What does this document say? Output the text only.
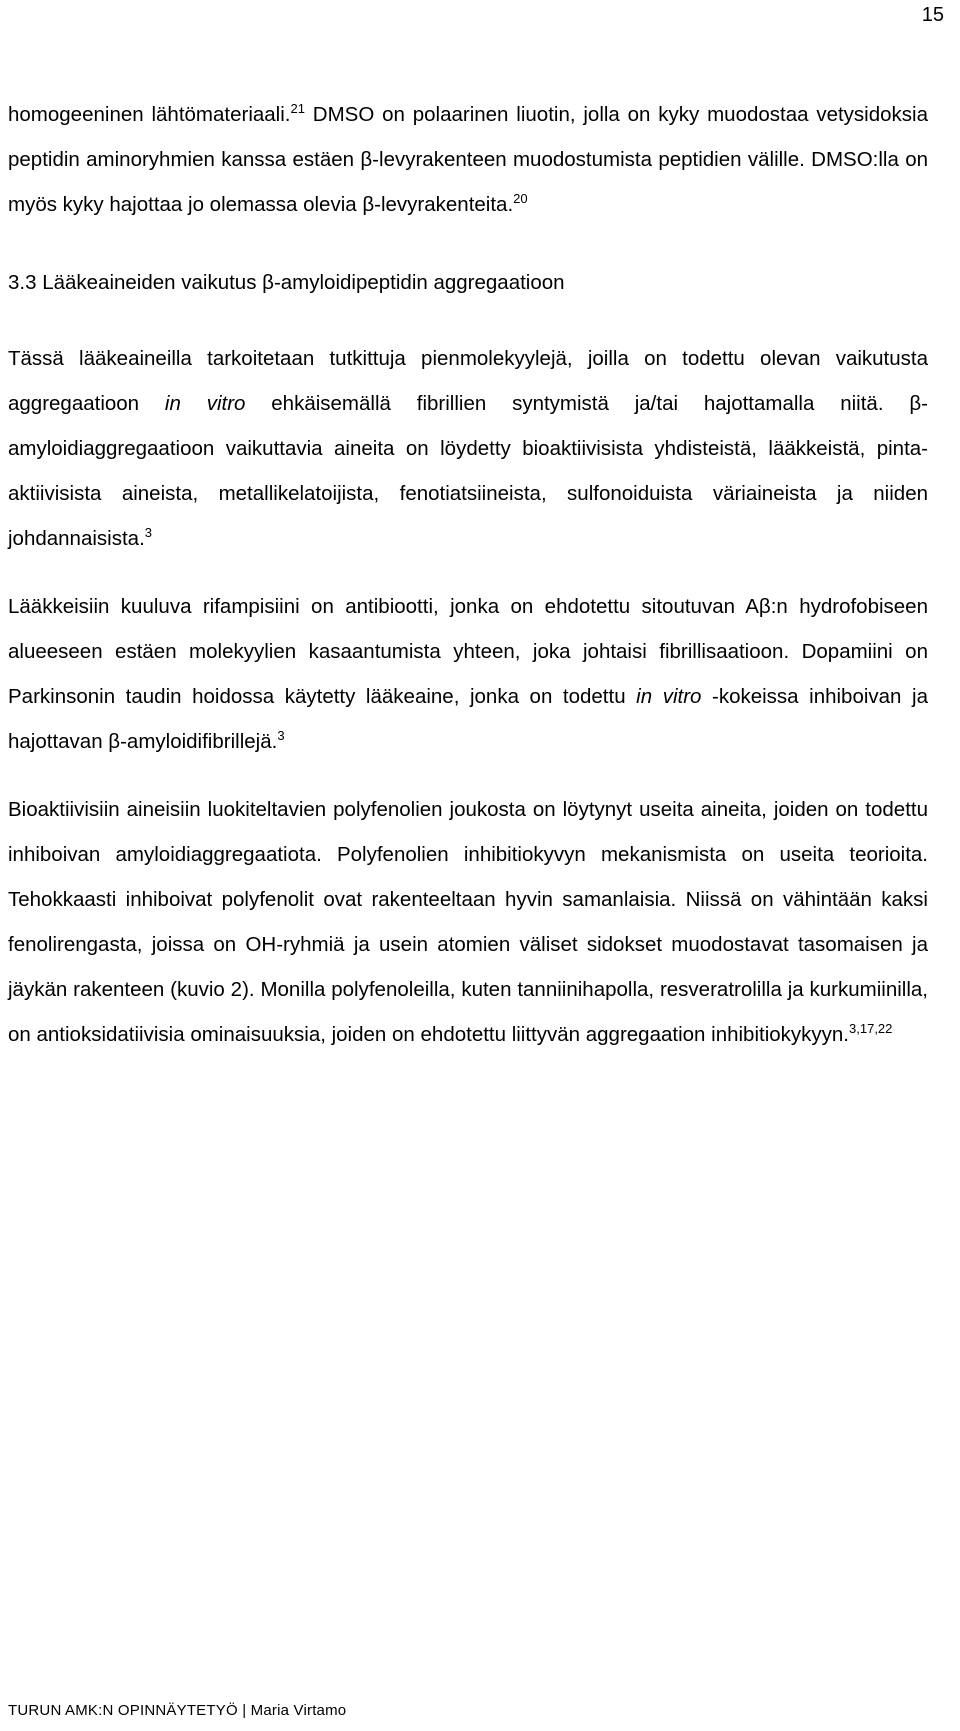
15

homogeeninen lähtömateriaali.$^{21}$ DMSO on polaarinen liuotin, jolla on kyky muodostaa vetysidoksia peptidin aminoryhmien kanssa estäen β-levyrakenteen muodostumista peptidien välille. DMSO:lla on myös kyky hajottaa jo olemassa olevia β-levyrakenteita.$^{20}$

3.3 Lääkeaineiden vaikutus β-amyloidipeptidin aggregaatioon

Tässä lääkeaineilla tarkoitetaan tutkittuja pienmolekyylejä, joilla on todettu olevan vaikutusta aggregaatioon in vitro ehkäisemällä fibrillien syntymistä ja/tai hajottamalla niitä. β-amyloidiaggregaatioon vaikuttavia aineita on löydetty bioaktiivisista yhdisteistä, lääkkeistä, pinta-aktiivisista aineista, metallikelatoijista, fenotiatsiineista, sulfonoiduista väriaineista ja niiden johdannaisista.$^3$

Lääkkeisiin kuuluva rifampisiini on antibiootti, jonka on ehdotettu sitoutuvan Aβ:n hydrofobiseen alueeseen estäen molekyylien kasaantumista yhteen, joka johtaisi fibrillisaatioon. Dopamiini on Parkinsonin taudin hoidossa käytetty lääkeaine, jonka on todettu in vitro -kokeissa inhiboivan ja hajottavan β-amyloidifibrillejä.$^3$

Bioaktiivisiin aineisiin luokiteltavien polyfenolien joukosta on löytynyt useita aineita, joiden on todettu inhiboivan amyloidiaggregaatiota. Polyfenolien inhibitiokyvyn mekanismista on useita teorioita. Tehokkaasti inhiboivat polyfenolit ovat rakenteeltaan hyvin samanlaisia. Niissä on vähintään kaksi fenolirengasta, joissa on OH-ryhmiä ja usein atomien väliset sidokset muodostavat tasomaisen ja jäykän rakenteen (kuvio 2). Monilla polyfenoleilla, kuten tanniinihapolla, resveratrolilla ja kurkumiinilla, on antioksidatiivisia ominaisuuksia, joiden on ehdotettu liittyvän aggregaation inhibitiokykyyn.$^{3,17,22}$

TURUN AMK:N OPINNÄYTETYÖ | Maria Virtamo
